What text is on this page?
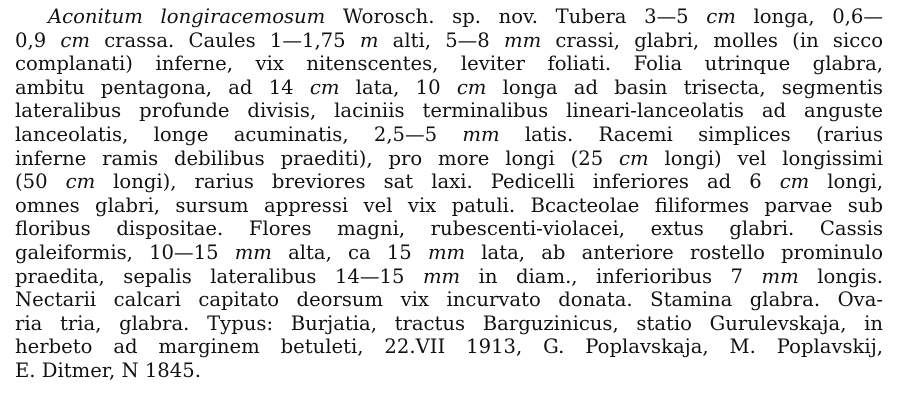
Aconitum longiracemosum Worosch. sp. nov. Tubera 3—5 cm longa, 0,6—
0,9 cm crassa. Caules 1—1,75 m alti, 5—8 mm crassi, glabri, molles (in sicco
complanati) inferne, vix nitenscentes, leviter foliati. Folia utrinque glabra,
ambitu pentagona, ad 14 cm lata, 10 cm longa ad basin trisecta, segmentis
lateralibus profunde divisis, laciniis terminalibus lineari-lanceolatis ad anguste
lanceolatis, longe acuminatis, 2,5—5 mm latis. Racemi simplices (rarius
inferne ramis debilibus praediti), pro more longi (25 cm longi) vel longissimi
(50 cm longi), rarius breviores sat laxi. Pedicelli inferiores ad 6 cm longi,
omnes glabri, sursum appressi vel vix patuli. Bcacteolae filiformes parvae sub
floribus dispositae. Flores magni, rubescenti-violacei, extus glabri. Cassis
galeiformis, 10—15 mm alta, ca 15 mm lata, ab anteriore rostello prominulo
praedita, sepalis lateralibus 14—15 mm in diam., inferioribus 7 mm longis.
Nectarii calcari capitato deorsum vix incurvato donata. Stamina glabra. Ova-
ria tria, glabra. Typus: Burjatia, tractus Barguzinicus, statio Gurulevskaja, in
herbeto ad marginem betuleti, 22.VII 1913, G. Poplavskaja, M. Poplavskij,
E. Ditmer, N 1845.
